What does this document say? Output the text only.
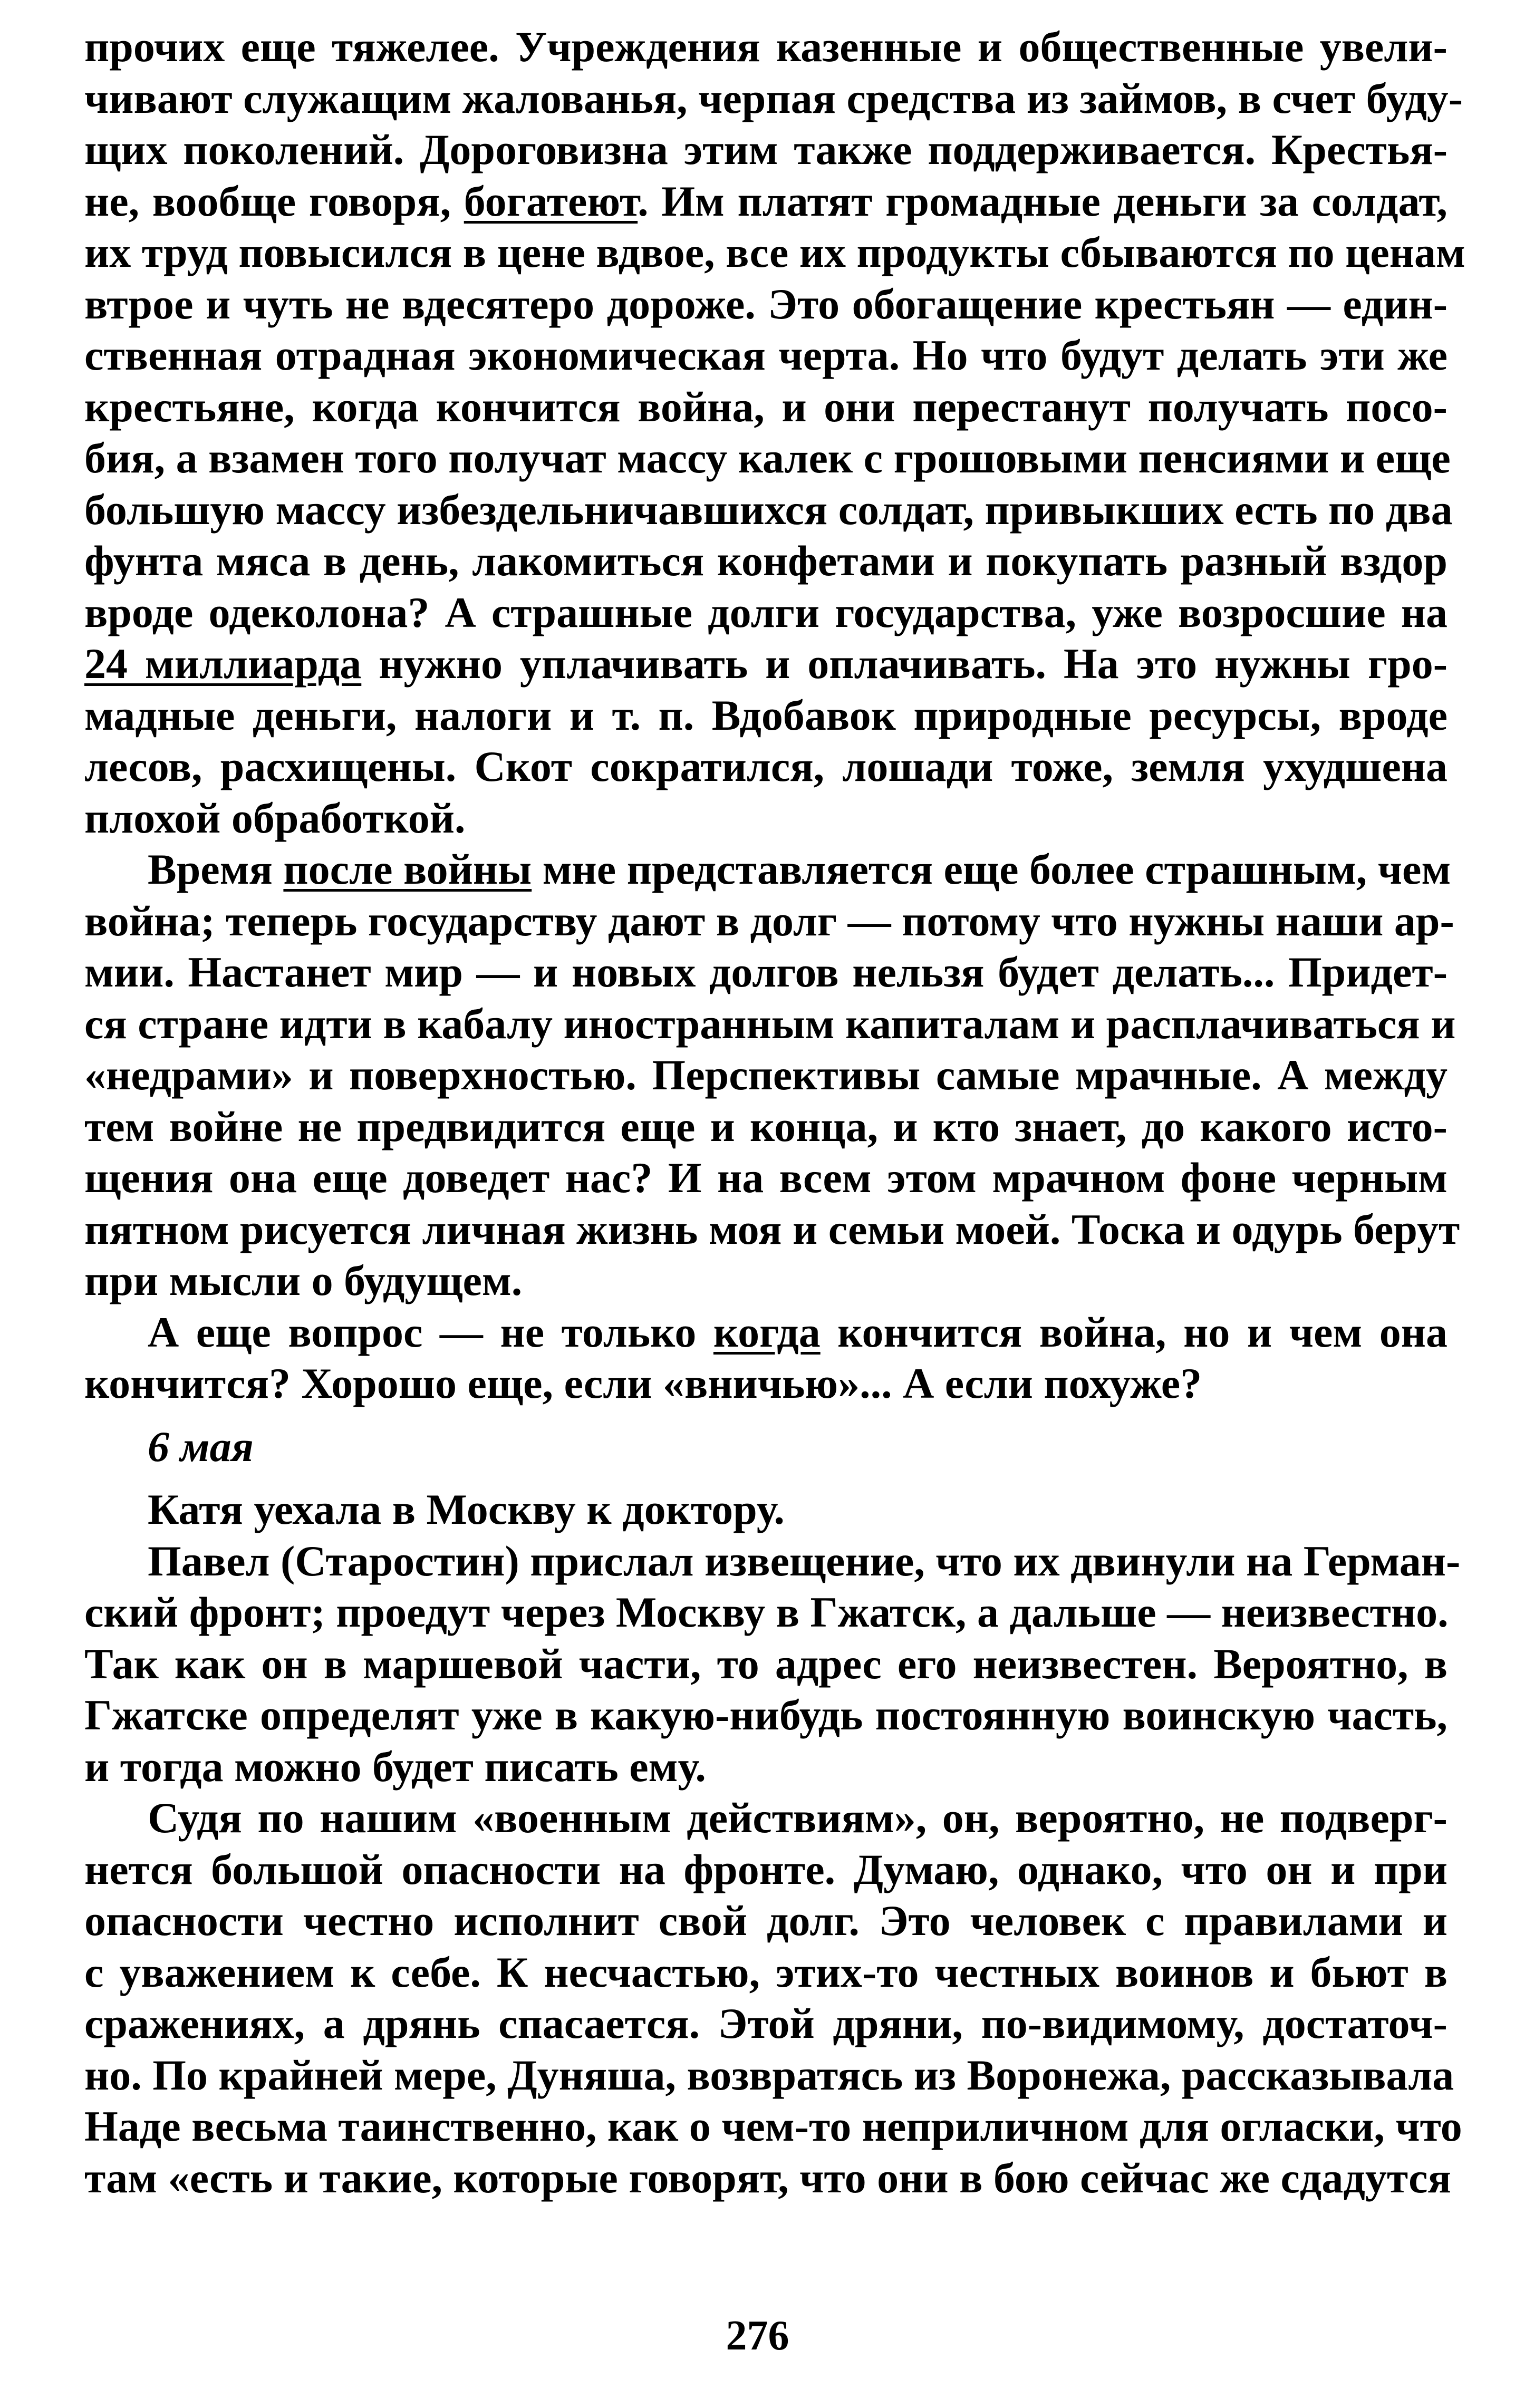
прочих еще тяжелее. Учреждения казенные и общественные увели-
чивают служащим жалованья, черпая средства из займов, в счет буду-
щих поколений. Дороговизна этим также поддерживается. Крестья-
не, вообще говоря, богатеют. Им платят громадные деньги за солдат,
их труд повысился в цене вдвое, все их продукты сбываются по ценам
втрое и чуть не вдесятеро дороже. Это обогащение крестьян — един-
ственная отрадная экономическая черта. Но что будут делать эти же
крестьяне, когда кончится война, и они перестанут получать посо-
бия, а взамен того получат массу калек с грошовыми пенсиями и еще
большую массу избездельничавшихся солдат, привыкших есть по два
фунта мяса в день, лакомиться конфетами и покупать разный вздор
вроде одеколона? А страшные долги государства, уже возросшие на
24 миллиарда нужно уплачивать и оплачивать. На это нужны гро-
мадные деньги, налоги и т. п. Вдобавок природные ресурсы, вроде
лесов, расхищены. Скот сократился, лошади тоже, земля ухудшена
плохой обработкой.
Время после войны мне представляется еще более страшным, чем
война; теперь государству дают в долг — потому что нужны наши ар-
мии. Настанет мир — и новых долгов нельзя будет делать... Придет-
ся стране идти в кабалу иностранным капиталам и расплачиваться и
«недрами» и поверхностью. Перспективы самые мрачные. А между
тем войне не предвидится еще и конца, и кто знает, до какого исто-
щения она еще доведет нас? И на всем этом мрачном фоне черным
пятном рисуется личная жизнь моя и семьи моей. Тоска и одурь берут
при мысли о будущем.
А еще вопрос — не только когда кончится война, но и чем она
кончится? Хорошо еще, если «вничью»... А если похуже?
6 мая
Катя уехала в Москву к доктору.
Павел (Старостин) прислал извещение, что их двинули на Герман-
ский фронт; проедут через Москву в Гжатск, а дальше — неизвестно.
Так как он в маршевой части, то адрес его неизвестен. Вероятно, в
Гжатске определят уже в какую-нибудь постоянную воинскую часть,
и тогда можно будет писать ему.
Судя по нашим «военным действиям», он, вероятно, не подверг-
нется большой опасности на фронте. Думаю, однако, что он и при
опасности честно исполнит свой долг. Это человек с правилами и
с уважением к себе. К несчастью, этих-то честных воинов и бьют в
сражениях, а дрянь спасается. Этой дряни, по-видимому, достаточ-
но. По крайней мере, Дуняша, возвратясь из Воронежа, рассказывала
Наде весьма таинственно, как о чем-то неприличном для огласки, что
там «есть и такие, которые говорят, что они в бою сейчас же сдадутся
276
